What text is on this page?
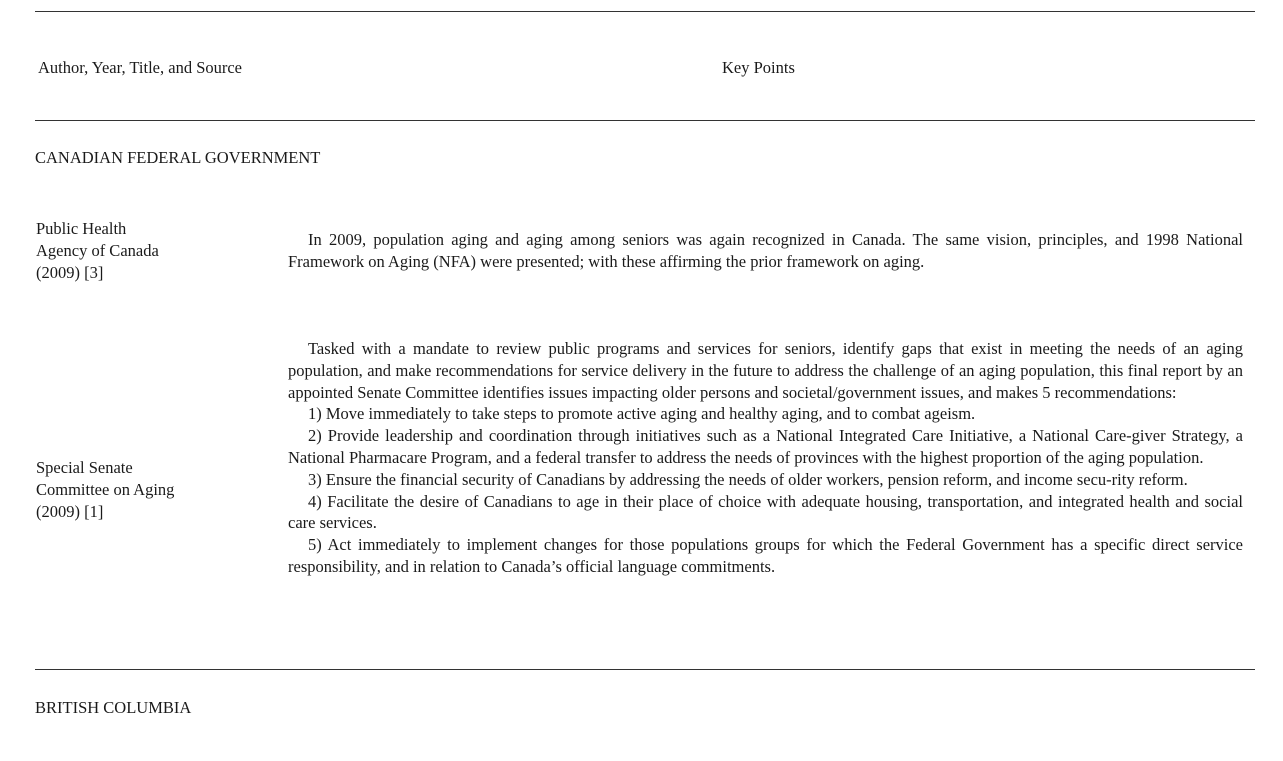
Author, Year, Title, and Source	Key Points
CANADIAN FEDERAL GOVERNMENT
Public Health
Agency of Canada
(2009) [3]

In 2009, population aging and aging among seniors was again recognized in Canada. The same vision, principles, and 1998 National Framework on Aging (NFA) were presented; with these affirming the prior framework on aging.

Special Senate
Committee on Aging
(2009) [1]

Tasked with a mandate to review public programs and services for seniors, identify gaps that exist in meeting the needs of an aging population, and make recommendations for service delivery in the future to address the challenge of an aging population, this final report by an appointed Senate Committee identifies issues impacting older persons and societal/government issues, and makes 5 recommendations:

1) Move immediately to take steps to promote active aging and healthy aging, and to combat ageism.
2) Provide leadership and coordination through initiatives such as a National Integrated Care Initiative, a National Care-giver Strategy, a National Pharmacare Program, and a federal transfer to address the needs of provinces with the highest proportion of the aging population.
3) Ensure the financial security of Canadians by addressing the needs of older workers, pension reform, and income secu-rity reform.
4) Facilitate the desire of Canadians to age in their place of choice with adequate housing, transportation, and integrated health and social care services.
5) Act immediately to implement changes for those populations groups for which the Federal Government has a specific direct service responsibility, and in relation to Canada’s official language commitments.
BRITISH COLUMBIA
